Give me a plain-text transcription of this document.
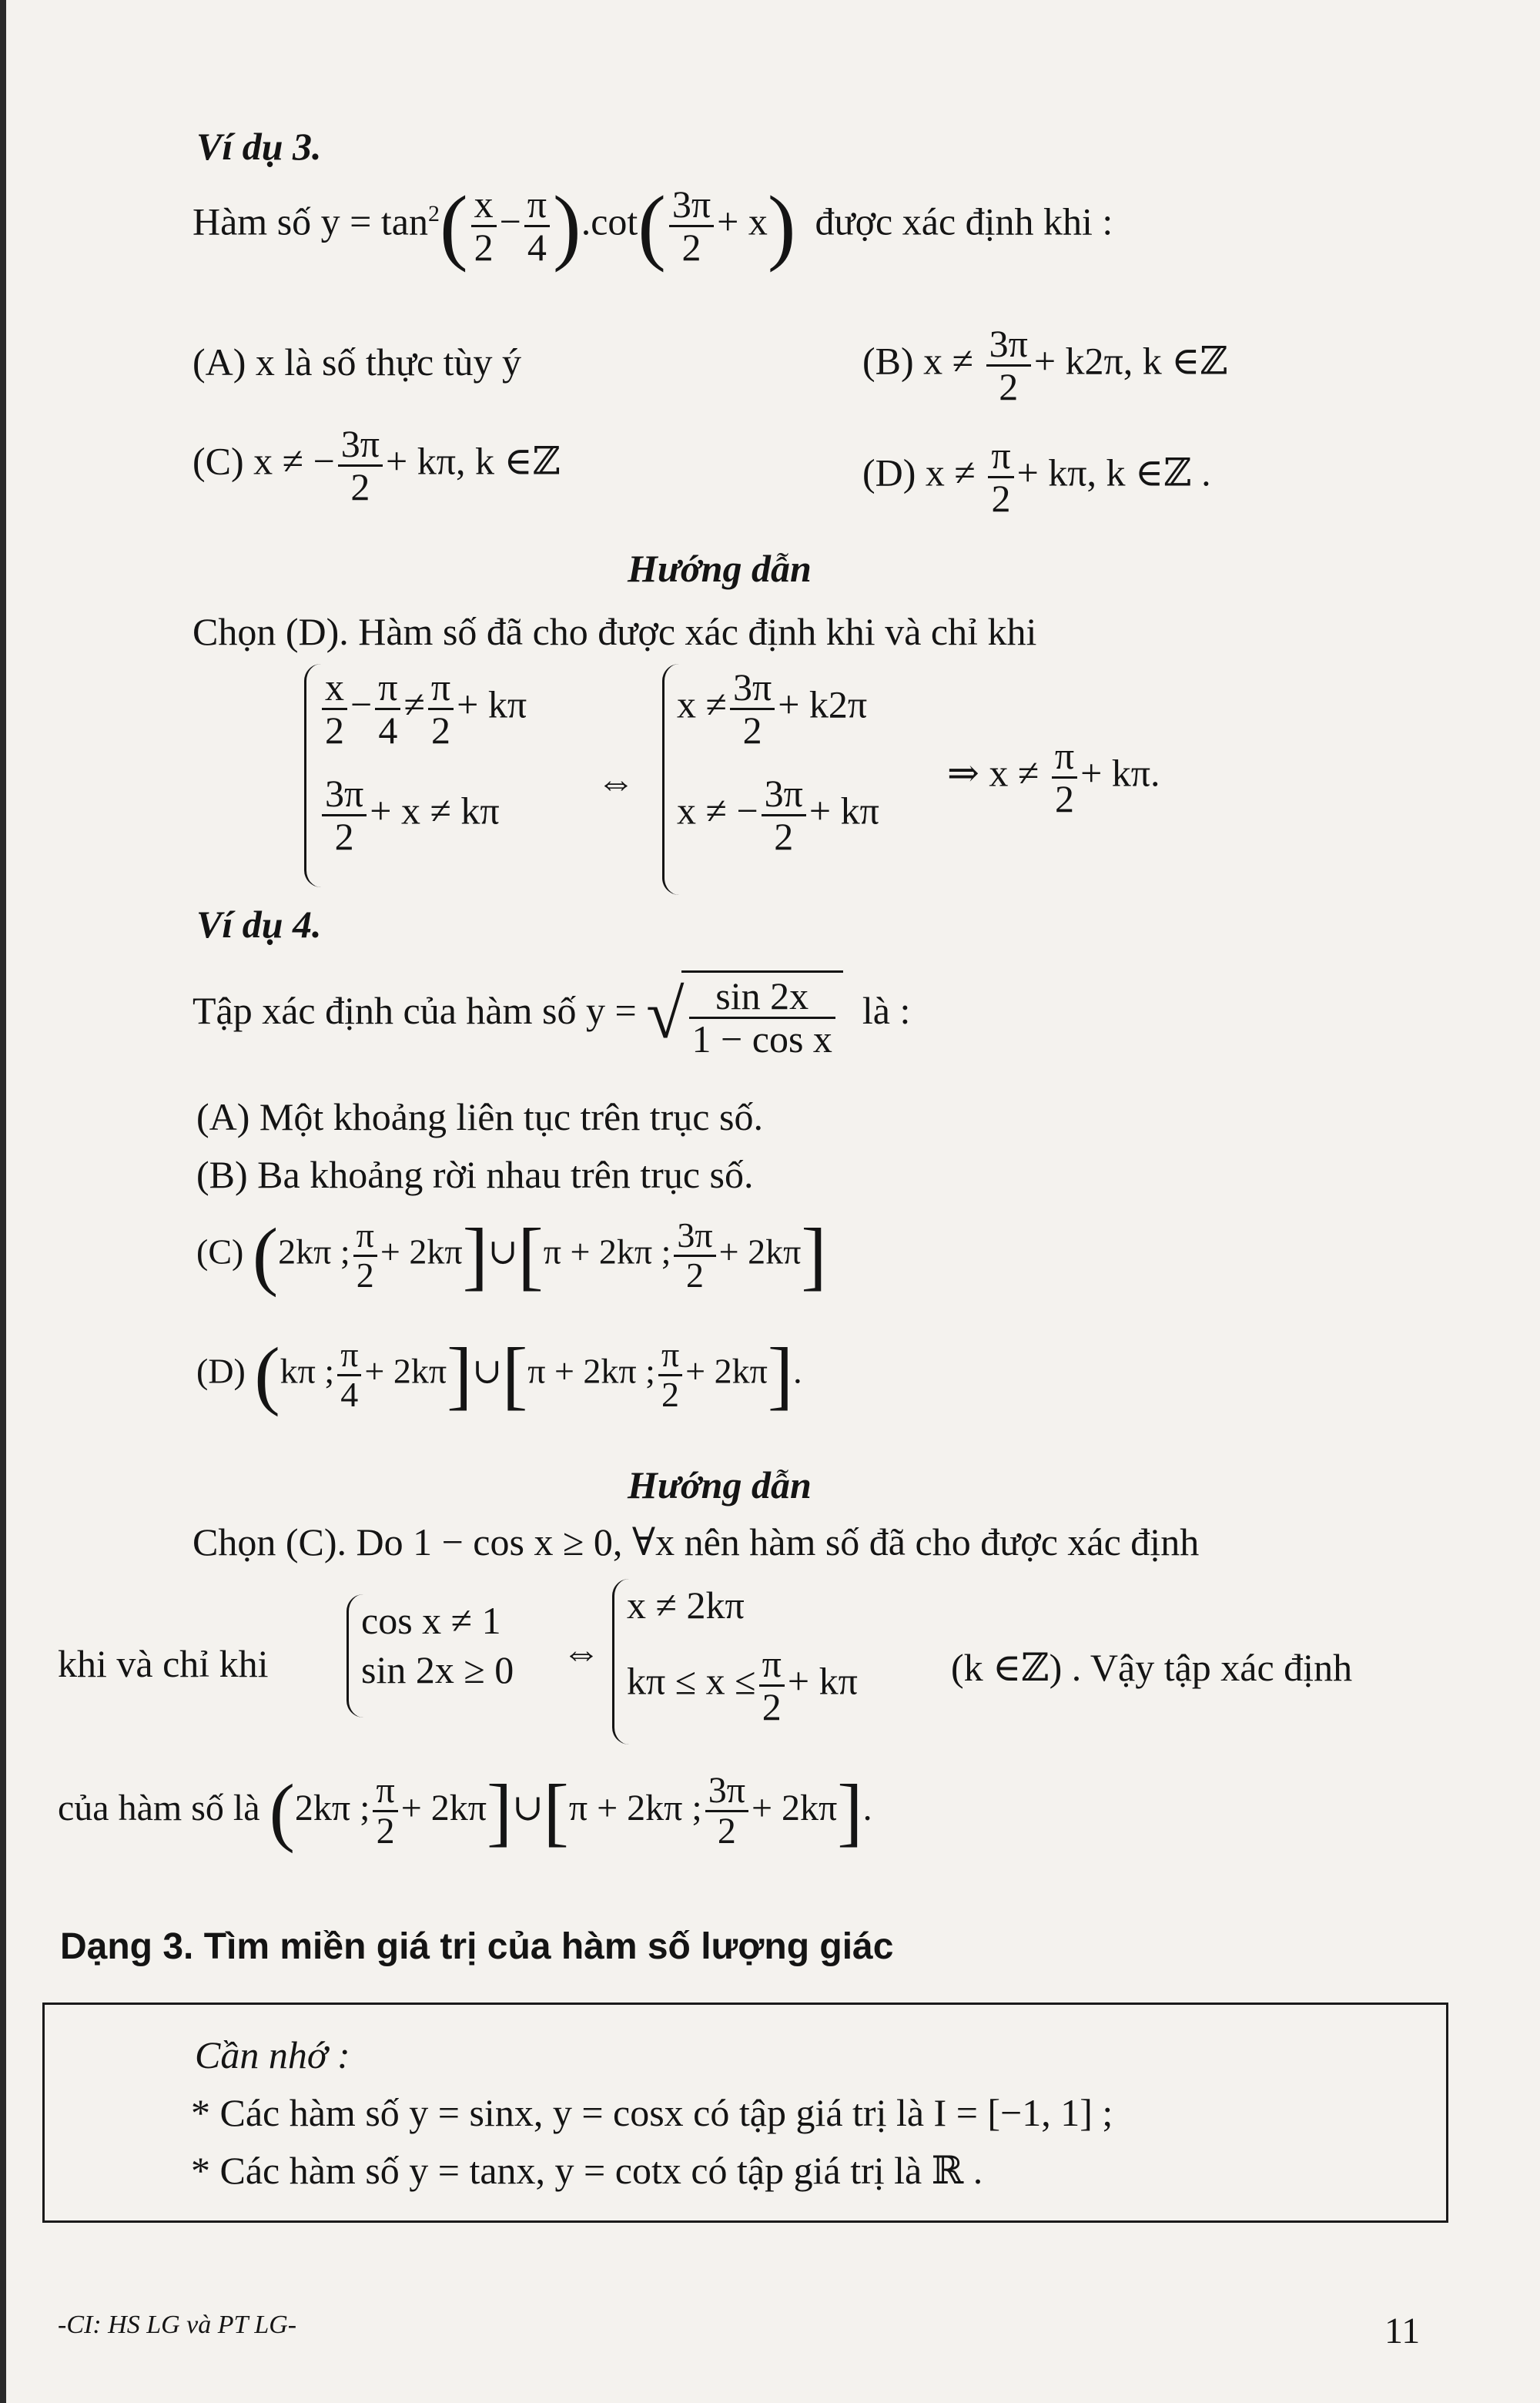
Ví dụ 3.
Hàm số $y = \tan^2( \frac{x}{2} - \frac{\pi}{4} ).\cot( \frac{3\pi}{2} + x)$ được xác định khi :
(A) x là số thực tùy ý	(B) $x \ne \frac{3\pi}{2} + k2\pi$, k ∈ℤ
(C) x ≠ − $\frac{3\pi}{2} + k\pi$, k ∈ℤ	(D) $x \ne \frac{\pi}{2} + k\pi$, k ∈ℤ .
Hướng dẫn
Chọn (D). Hàm số đã cho được xác định khi và chỉ khi
$\frac{x}{2} - \frac{\pi}{4} \ne \frac{\pi}{2} + k\pi$
$\frac{3\pi}{2} + x \ne k\pi$
⇔
$x \ne \frac{3\pi}{2} + k2\pi$
x ≠ − $\frac{3\pi}{2} + k\pi$
⇒ $x \ne \frac{\pi}{2} + k\pi$.
Ví dụ 4.
Tập xác định của hàm số y = √ $\frac{\sin 2x}{\text{1 − cos x}}$ là :
(A) Một khoảng liên tục trên trục số.
(B) Ba khoảng rời nhau trên trục số.
(C) (2kπ ; $\frac{\pi}{2}$ + 2kπ]∪[π + 2kπ ; $\frac{3\pi}{2} + 2k\pi$]
(D) (kπ ; $\frac{\pi}{4}$ + 2kπ]∪[π + 2kπ ; $\frac{\pi}{2} + 2k\pi$].
Hướng dẫn
Chọn (C). Do 1 − cos x ≥ 0, ∀x nên hàm số đã cho được xác định
khi và chỉ khi
cos x ≠ 1
sin 2x ≥ 0 ⇔
x ≠ 2kπ
$k\pi \le x \le \frac{\pi}{2} + k\pi$ (k ∈ℤ) . Vậy tập xác định
của hàm số là (2kπ ; $\frac{\pi}{2}$ + 2kπ]∪[π + 2kπ ; $\frac{3\pi}{2} + 2k\pi$].
Dạng 3. Tìm miền giá trị của hàm số lượng giác
Cần nhớ :
* Các hàm số y = sinx, y = cosx có tập giá trị là I = [−1, 1] ;
* Các hàm số y = tanx, y = cotx có tập giá trị là ℝ .
-CI: HS LG và PT LG-	11
